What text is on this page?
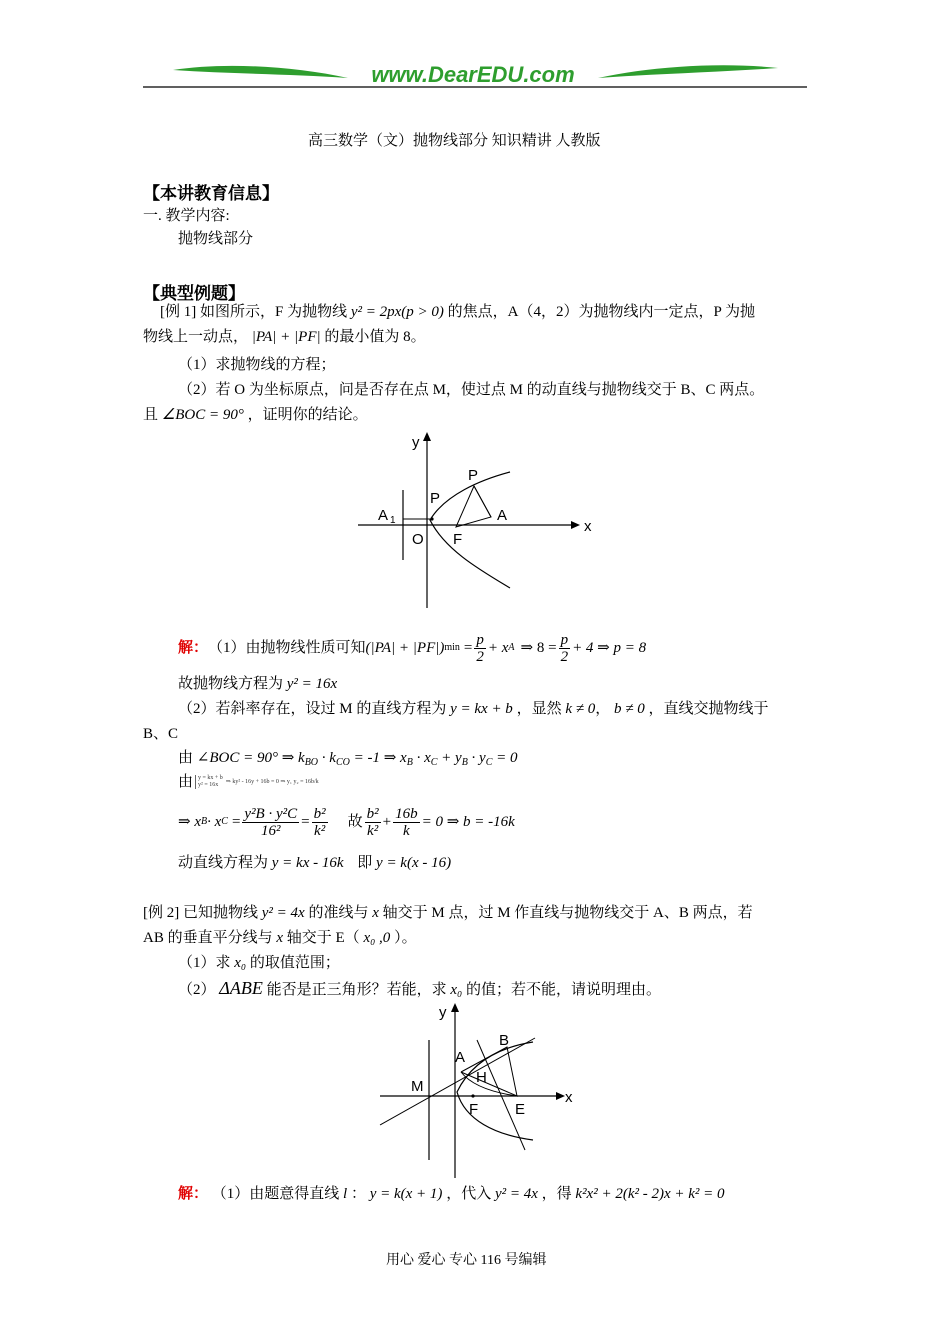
www.DearEDU.com
高三数学（文）抛物线部分 知识精讲 人教版
【本讲教育信息】
一. 教学内容:
抛物线部分
【典型例题】
[例 1] 如图所示，F 为抛物线 y² = 2px(p > 0) 的焦点，A（4，2）为抛物线内一定点，P 为抛
物线上一动点， |PA| + |PF| 的最小值为 8。
（1）求抛物线的方程；
（2）若 O 为坐标原点，问是否存在点 M，使过点 M 的动直线与抛物线交于 B、C 两点。
且 ∠BOC = 90° ，证明你的结论。
y
x
P
P
A 1	A
O F
解： （1）由抛物线性质可知 (|PA| + |PF|) $\min = \frac{p}{2} + x$ A ⇒ $8 = \frac{p}{2} + 4$ ⇒ p = 8
故抛物线方程为 y² = 16x
（2）若斜率存在，设过 M 的直线方程为 y = kx + b ，显然 k ≠ 0， b ≠ 0 ，直线交抛物线于
B、C
由 ∠BOC = 90° ⇒ $k_{BO} \cdot k_{CO} = -1$ ⇒ $x_B \cdot x_C + y_B \cdot y_C = 0$
由 y = kx + b
y² = 16x	⇒ ky² - 16y + 16b = 0 ⇒ y₁ y₂ = 16b/k
⇒ x B · x $C = \frac{\text{y²B · y²C}}{\text{16²}} = \frac{\text{b²}}{\text{k²}}$ 故 $\frac{\text{b²}}{\text{k²}} + \frac{16b}{k} = 0$ ⇒ b = -16k
动直线方程为 y = kx - 16k 即 y = k(x - 16)
[例 2] 已知抛物线 y² = 4x 的准线与 x 轴交于 M 点，过 M 作直线与抛物线交于 A、B 两点，若
AB 的垂直平分线与 x 轴交于 E（ x₀ ,0 ）。
（1）求 x₀ 的取值范围；
（2） ΔABE 能否是正三角形？若能，求 x₀ 的值；若不能，请说明理由。
y
x
B
A
H
M
F E
解： （1）由题意得直线 l ： y = k(x + 1) ，代入 y² = 4x ，得 k²x² + 2(k² - 2)x + k² = 0
用心 爱心 专心 116 号编辑
